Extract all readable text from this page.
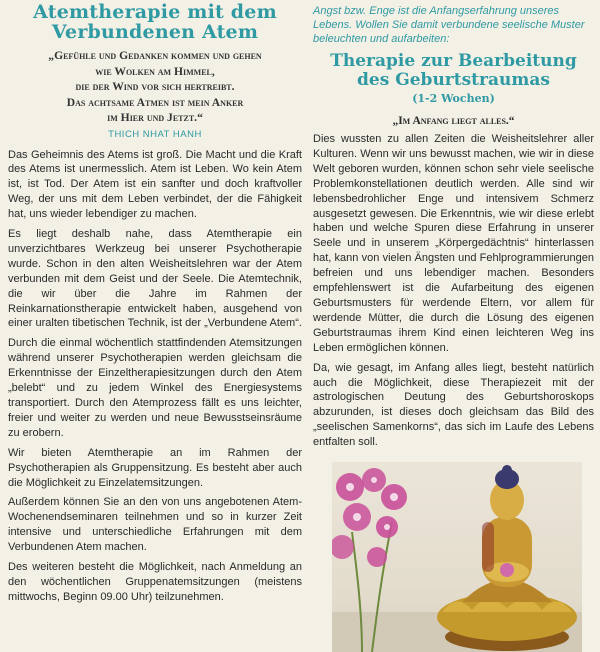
Atemtherapie mit dem
Verbundenen Atem
„Gefühle und Gedanken kommen und gehen
wie Wolken am Himmel,
die der Wind vor sich hertreibt.
Das achtsame Atmen ist mein Anker
im Hier und Jetzt.“
THICH NHAT HANH

Das Geheimnis des Atems ist groß. Die Macht und die Kraft des Atems ist unermesslich. Atem ist Leben. Wo kein Atem ist, ist Tod. Der Atem ist ein sanfter und doch kraftvoller Weg, der uns mit dem Leben verbindet, der die Fähigkeit hat, uns wieder lebendiger zu machen.

Es liegt deshalb nahe, dass Atemtherapie ein unverzichtbares Werkzeug bei unserer Psychotherapie wurde. Schon in den alten Weisheitslehren war der Atem verbunden mit dem Geist und der Seele. Die Atemtechnik, die wir über die Jahre im Rahmen der Reinkarnationstherapie entwickelt haben, ausgehend von einer uralten tibetischen Technik, ist der „Verbundene Atem“.

Durch die einmal wöchentlich stattfindenden Atemsitzungen während unserer Psychotherapien werden gleichsam die Erkenntnisse der Einzeltherapiesitzungen durch den Atem „belebt“ und zu jedem Winkel des Energiesystems transportiert. Durch den Atemprozess fällt es uns leichter, freier und weiter zu werden und neue Bewusstseinsräume zu erobern.

Wir bieten Atemtherapie an im Rahmen der Psychotherapien als Gruppensitzung. Es besteht aber auch die Möglichkeit zu Einzelatemsitzungen.

Außerdem können Sie an den von uns angebotenen Atem-Wochenendseminaren teilnehmen und so in kurzer Zeit intensive und unterschiedliche Erfahrungen mit dem Verbundenen Atem machen.

Des weiteren besteht die Möglichkeit, nach Anmeldung an den wöchentlichen Gruppenatemsitzungen (meistens mittwochs, Beginn 09.00 Uhr) teilzunehmen.

Angst bzw. Enge ist die Anfangserfahrung unseres Lebens. Wollen Sie damit verbundene seelische Muster beleuchten und aufarbeiten:
Therapie zur Bearbeitung
des Geburtstraumas
(1-2 Wochen)
„Im Anfang liegt alles.“

Dies wussten zu allen Zeiten die Weisheitslehrer aller Kulturen. Wenn wir uns bewusst machen, wie wir in diese Welt geboren wurden, können schon sehr viele seelische Problemkonstellationen deutlich werden. Alle sind wir lebensbedrohlicher Enge und intensivem Schmerz ausgesetzt gewesen. Die Erkenntnis, wie wir diese erlebt haben und welche Spuren diese Erfahrung in unserer Seele und in unserem „Körpergedächtnis“ hinterlassen hat, kann von vielen Ängsten und Fehlprogrammierungen befreien und uns lebendiger machen. Besonders empfehlenswert ist die Aufarbeitung des eigenen Geburtsmusters für werdende Eltern, vor allem für werdende Mütter, die durch die Lösung des eigenen Geburtstraumas ihrem Kind einen leichteren Weg ins Leben ermöglichen können.

Da, wie gesagt, im Anfang alles liegt, besteht natürlich auch die Möglichkeit, diese Therapiezeit mit der astrologischen Deutung des Geburtshoroskops abzurunden, ist dieses doch gleichsam das Bild des „seelischen Samenkorns“, das sich im Laufe des Lebens entfalten soll.
